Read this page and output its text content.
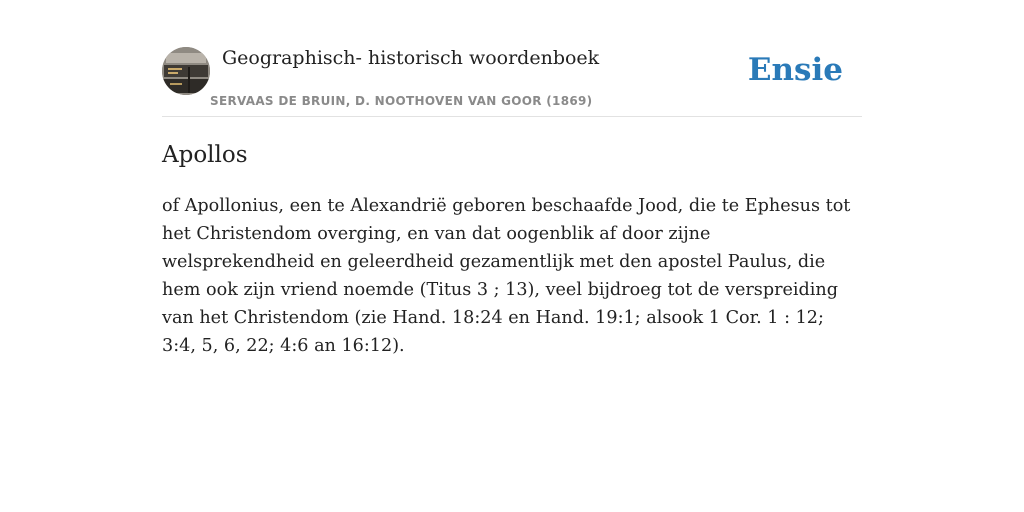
Geographisch- historisch woordenboek
SERVAAS DE BRUIN, D. NOOTHOVEN VAN GOOR (1869)
Ensie
Apollos

of Apollonius, een te Alexandrië geboren beschaafde Jood, die te Ephesus tot het Christendom overging, en van dat oogenblik af door zijne welsprekendheid en geleerdheid gezamentlijk met den apostel Paulus, die hem ook zijn vriend noemde (Titus 3 ; 13), veel bijdroeg tot de verspreiding van het Christendom (zie Hand. 18:24 en Hand. 19:1; alsook 1 Cor. 1 : 12; 3:4, 5, 6, 22; 4:6 an 16:12).
